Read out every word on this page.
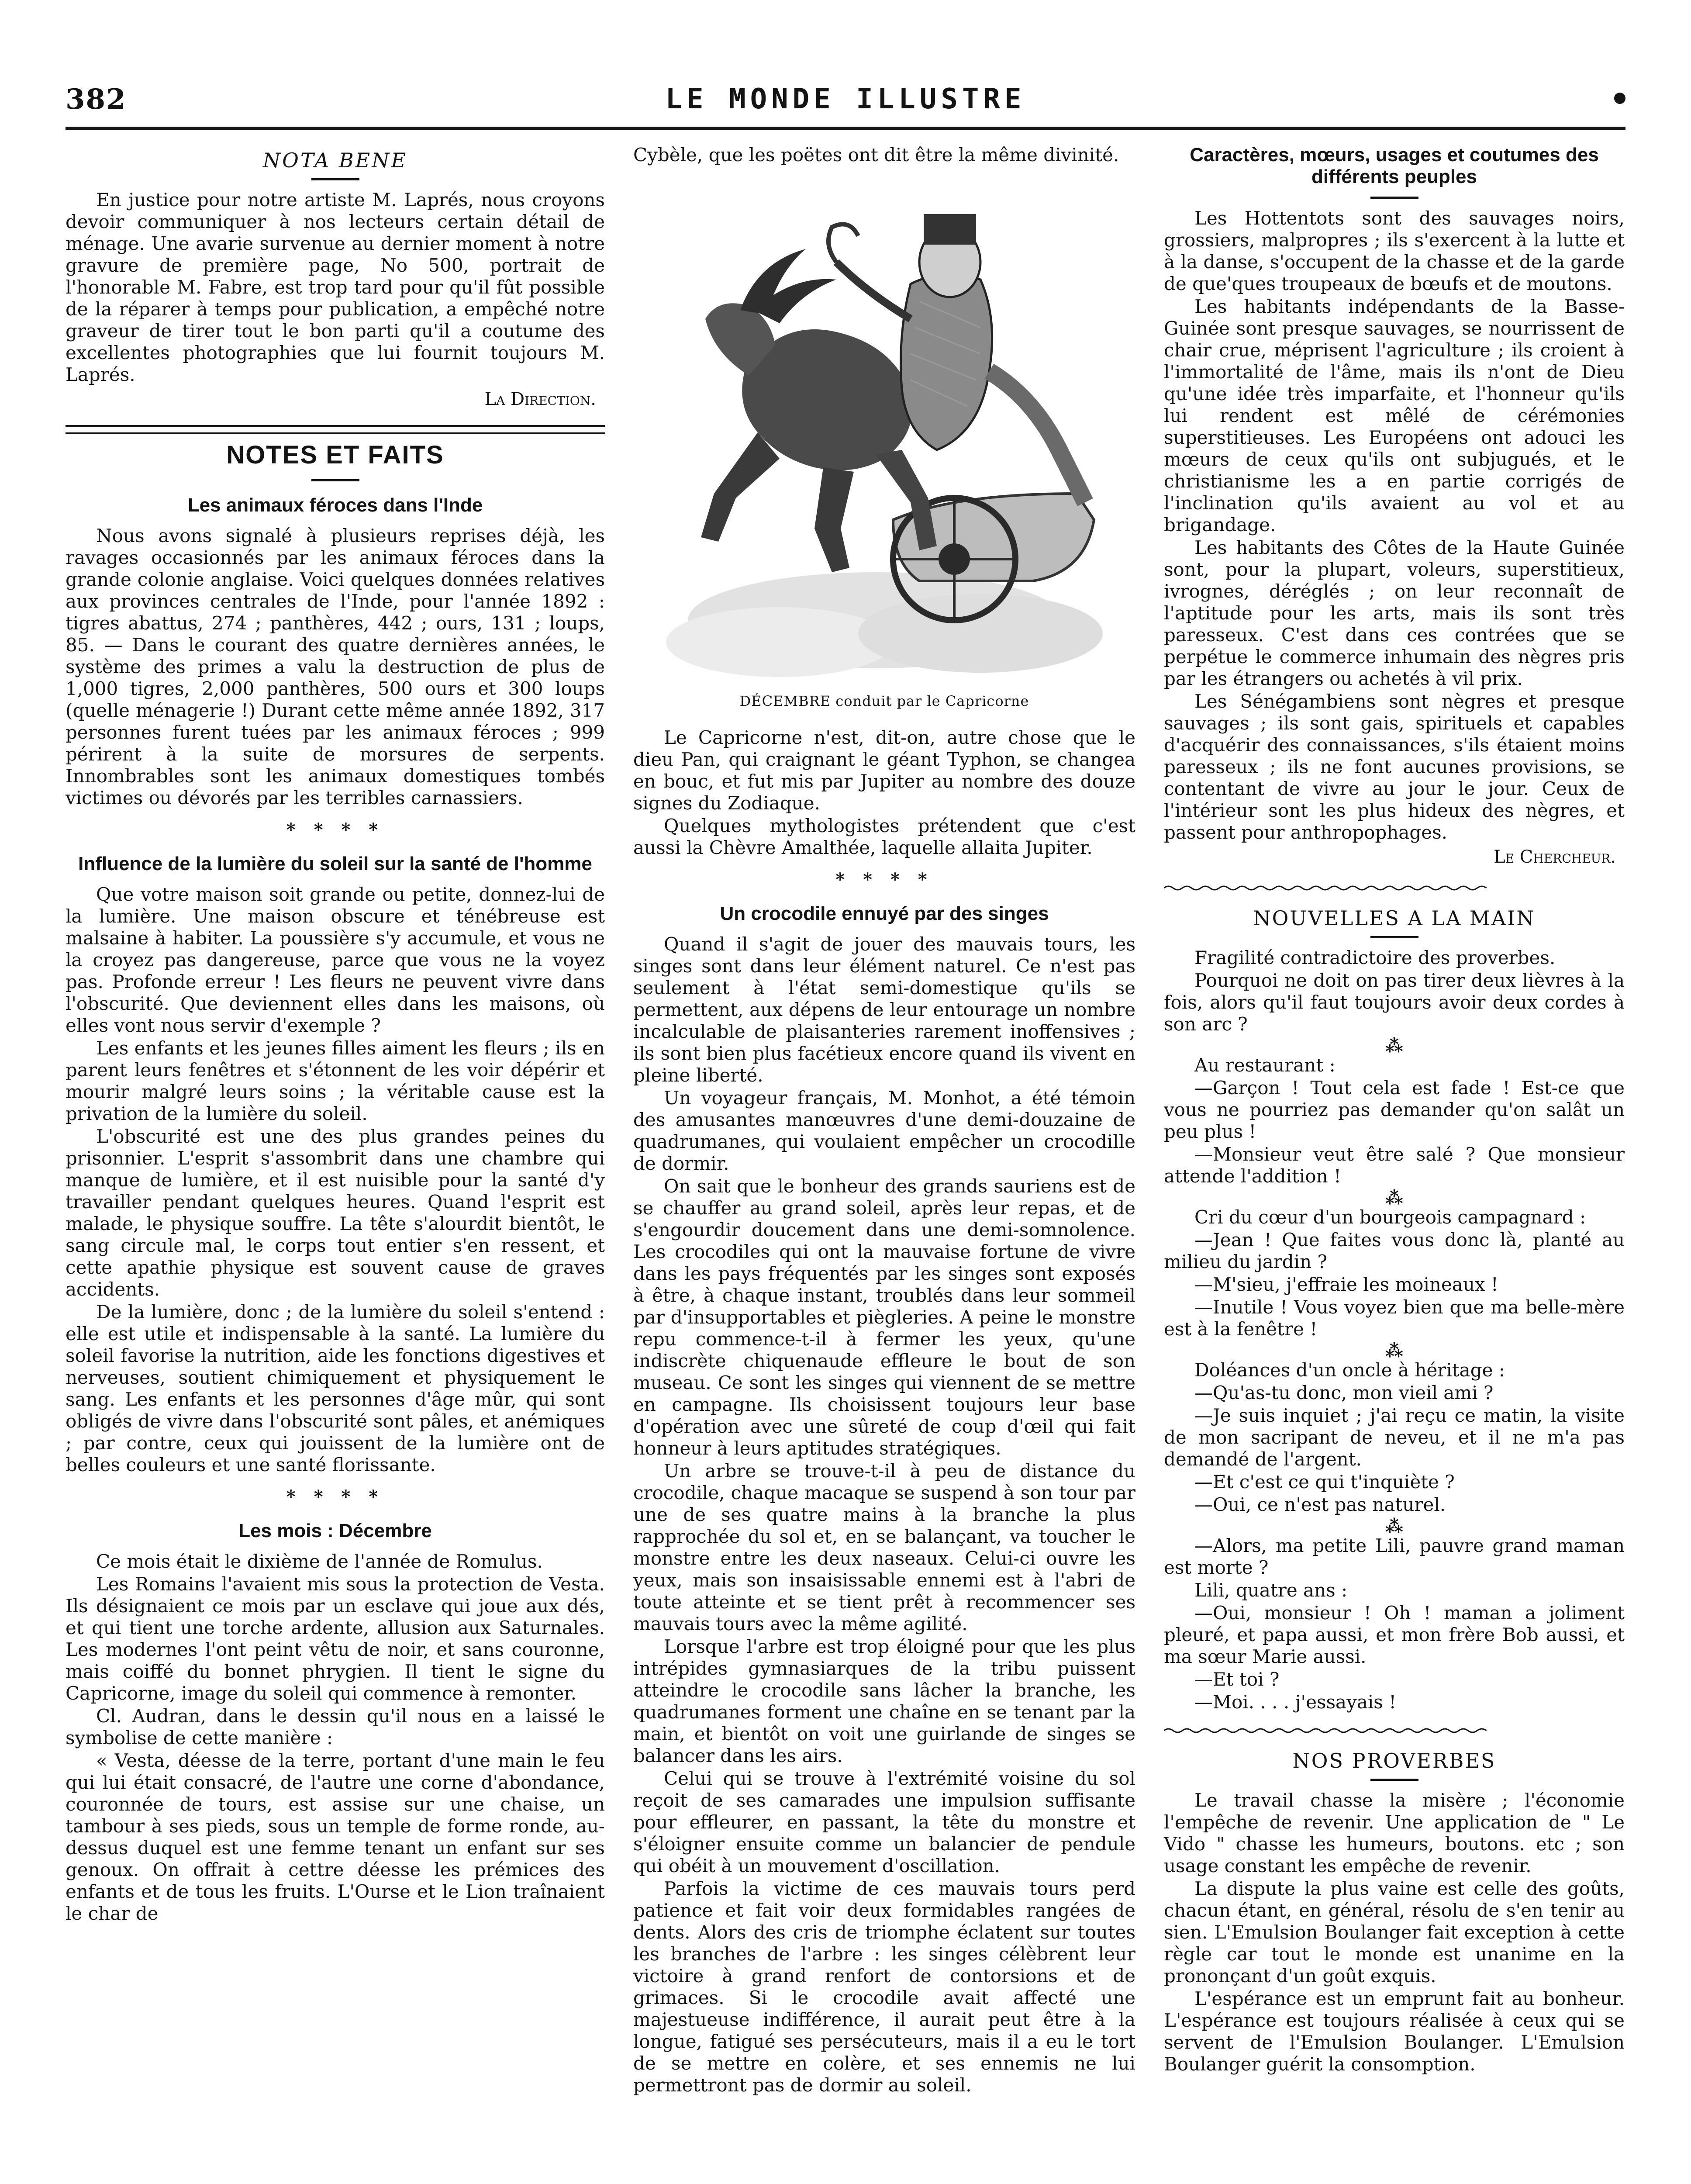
382	LE MONDE ILLUSTRE
NOTA BENE

En justice pour notre artiste M. Laprés, nous croyons devoir communiquer à nos lecteurs certain détail de ménage. Une avarie survenue au dernier moment à notre gravure de première page, No 500, portrait de l'honorable M. Fabre, est trop tard pour qu'il fût possible de la réparer à temps pour publication, a empêché notre graveur de tirer tout le bon parti qu'il a coutume des excellentes photographies que lui fournit toujours M. Laprés.

La Direction.
NOTES ET FAITS
Les animaux féroces dans l'Inde

Nous avons signalé à plusieurs reprises déjà, les ravages occasionnés par les animaux féroces dans la grande colonie anglaise. Voici quelques données relatives aux provinces centrales de l'Inde, pour l'année 1892 : tigres abattus, 274 ; panthères, 442 ; ours, 131 ; loups, 85. — Dans le courant des quatre dernières années, le système des primes a valu la destruction de plus de 1,000 tigres, 2,000 panthères, 500 ours et 300 loups (quelle ménagerie !) Durant cette même année 1892, 317 personnes furent tuées par les animaux féroces ; 999 périrent à la suite de morsures de serpents. Innombrables sont les animaux domestiques tombés victimes ou dévorés par les terribles carnassiers.

* * * *
Influence de la lumière du soleil sur la santé de l'homme

Que votre maison soit grande ou petite, donnez-lui de la lumière. Une maison obscure et ténébreuse est malsaine à habiter. La poussière s'y accumule, et vous ne la croyez pas dangereuse, parce que vous ne la voyez pas. Profonde erreur ! Les fleurs ne peuvent vivre dans l'obscurité. Que deviennent elles dans les maisons, où elles vont nous servir d'exemple ?

Les enfants et les jeunes filles aiment les fleurs ; ils en parent leurs fenêtres et s'étonnent de les voir dépérir et mourir malgré leurs soins ; la véritable cause est la privation de la lumière du soleil.

L'obscurité est une des plus grandes peines du prisonnier. L'esprit s'assombrit dans une chambre qui manque de lumière, et il est nuisible pour la santé d'y travailler pendant quelques heures. Quand l'esprit est malade, le physique souffre. La tête s'alourdit bientôt, le sang circule mal, le corps tout entier s'en ressent, et cette apathie physique est souvent cause de graves accidents.

De la lumière, donc ; de la lumière du soleil s'entend : elle est utile et indispensable à la santé. La lumière du soleil favorise la nutrition, aide les fonctions digestives et nerveuses, soutient chimiquement et physiquement le sang. Les enfants et les personnes d'âge mûr, qui sont obligés de vivre dans l'obscurité sont pâles, et anémiques ; par contre, ceux qui jouissent de la lumière ont de belles couleurs et une santé florissante.

* * * *
Les mois : Décembre

Ce mois était le dixième de l'année de Romulus.

Les Romains l'avaient mis sous la protection de Vesta. Ils désignaient ce mois par un esclave qui joue aux dés, et qui tient une torche ardente, allusion aux Saturnales. Les modernes l'ont peint vêtu de noir, et sans couronne, mais coiffé du bonnet phrygien. Il tient le signe du Capricorne, image du soleil qui commence à remonter.

Cl. Audran, dans le dessin qu'il nous en a laissé le symbolise de cette manière :

« Vesta, déesse de la terre, portant d'une main le feu qui lui était consacré, de l'autre une corne d'abondance, couronnée de tours, est assise sur une chaise, un tambour à ses pieds, sous un temple de forme ronde, au-dessus duquel est une femme tenant un enfant sur ses genoux. On offrait à cettre déesse les prémices des enfants et de tous les fruits. L'Ourse et le Lion traînaient le char de

Cybèle, que les poëtes ont dit être la même divinité.

DÉCEMBRE conduit par le Capricorne

Le Capricorne n'est, dit-on, autre chose que le dieu Pan, qui craignant le géant Typhon, se changea en bouc, et fut mis par Jupiter au nombre des douze signes du Zodiaque.

Quelques mythologistes prétendent que c'est aussi la Chèvre Amalthée, laquelle allaita Jupiter.

* * * *
Un crocodile ennuyé par des singes

Quand il s'agit de jouer des mauvais tours, les singes sont dans leur élément naturel. Ce n'est pas seulement à l'état semi-domestique qu'ils se permettent, aux dépens de leur entourage un nombre incalculable de plaisanteries rarement inoffensives ; ils sont bien plus facétieux encore quand ils vivent en pleine liberté.

Un voyageur français, M. Monhot, a été témoin des amusantes manœuvres d'une demi-douzaine de quadrumanes, qui voulaient empêcher un crocodille de dormir.

On sait que le bonheur des grands sauriens est de se chauffer au grand soleil, après leur repas, et de s'engourdir doucement dans une demi-somnolence. Les crocodiles qui ont la mauvaise fortune de vivre dans les pays fréquentés par les singes sont exposés à être, à chaque instant, troublés dans leur sommeil par d'insupportables et piègleries. A peine le monstre repu commence-t-il à fermer les yeux, qu'une indiscrète chiquenaude effleure le bout de son museau. Ce sont les singes qui viennent de se mettre en campagne. Ils choisissent toujours leur base d'opération avec une sûreté de coup d'œil qui fait honneur à leurs aptitudes stratégiques.

Un arbre se trouve-t-il à peu de distance du crocodile, chaque macaque se suspend à son tour par une de ses quatre mains à la branche la plus rapprochée du sol et, en se balançant, va toucher le monstre entre les deux naseaux. Celui-ci ouvre les yeux, mais son insaisissable ennemi est à l'abri de toute atteinte et se tient prêt à recommencer ses mauvais tours avec la même agilité.

Lorsque l'arbre est trop éloigné pour que les plus intrépides gymnasiarques de la tribu puissent atteindre le crocodile sans lâcher la branche, les quadrumanes forment une chaîne en se tenant par la main, et bientôt on voit une guirlande de singes se balancer dans les airs.

Celui qui se trouve à l'extrémité voisine du sol reçoit de ses camarades une impulsion suffisante pour effleurer, en passant, la tête du monstre et s'éloigner ensuite comme un balancier de pendule qui obéit à un mouvement d'oscillation.

Parfois la victime de ces mauvais tours perd patience et fait voir deux formidables rangées de dents. Alors des cris de triomphe éclatent sur toutes les branches de l'arbre : les singes célèbrent leur victoire à grand renfort de contorsions et de grimaces. Si le crocodile avait affecté une majestueuse indifférence, il aurait peut être à la longue, fatigué ses persécuteurs, mais il a eu le tort de se mettre en colère, et ses ennemis ne lui permettront pas de dormir au soleil.

Caractères, mœurs, usages et coutumes des différents peuples

Les Hottentots sont des sauvages noirs, grossiers, malpropres ; ils s'exercent à la lutte et à la danse, s'occupent de la chasse et de la garde de que'ques troupeaux de bœufs et de moutons.

Les habitants indépendants de la Basse-Guinée sont presque sauvages, se nourrissent de chair crue, méprisent l'agriculture ; ils croient à l'immortalité de l'âme, mais ils n'ont de Dieu qu'une idée très imparfaite, et l'honneur qu'ils lui rendent est mêlé de cérémonies superstitieuses. Les Européens ont adouci les mœurs de ceux qu'ils ont subjugués, et le christianisme les a en partie corrigés de l'inclination qu'ils avaient au vol et au brigandage.

Les habitants des Côtes de la Haute Guinée sont, pour la plupart, voleurs, superstitieux, ivrognes, déréglés ; on leur reconnaît de l'aptitude pour les arts, mais ils sont très paresseux. C'est dans ces contrées que se perpétue le commerce inhumain des nègres pris par les étrangers ou achetés à vil prix.

Les Sénégambiens sont nègres et presque sauvages ; ils sont gais, spirituels et capables d'acquérir des connaissances, s'ils étaient moins paresseux ; ils ne font aucunes provisions, se contentant de vivre au jour le jour. Ceux de l'intérieur sont les plus hideux des nègres, et passent pour anthropophages.

Le Chercheur.
NOUVELLES A LA MAIN

Fragilité contradictoire des proverbes.

Pourquoi ne doit on pas tirer deux lièvres à la fois, alors qu'il faut toujours avoir deux cordes à son arc ?

⁂

Au restaurant :

—Garçon ! Tout cela est fade ! Est-ce que vous ne pourriez pas demander qu'on salât un peu plus !

—Monsieur veut être salé ? Que monsieur attende l'addition !

⁂

Cri du cœur d'un bourgeois campagnard :

—Jean ! Que faites vous donc là, planté au milieu du jardin ?

—M'sieu, j'effraie les moineaux !

—Inutile ! Vous voyez bien que ma belle-mère est à la fenêtre !

⁂

Doléances d'un oncle à héritage :

—Qu'as-tu donc, mon vieil ami ?

—Je suis inquiet ; j'ai reçu ce matin, la visite de mon sacripant de neveu, et il ne m'a pas demandé de l'argent.

—Et c'est ce qui t'inquiète ?

—Oui, ce n'est pas naturel.

⁂

—Alors, ma petite Lili, pauvre grand maman est morte ?

Lili, quatre ans :

—Oui, monsieur ! Oh ! maman a joliment pleuré, et papa aussi, et mon frère Bob aussi, et ma sœur Marie aussi.

—Et toi ?

—Moi. . . . j'essayais !

NOS PROVERBES

Le travail chasse la misère ; l'économie l'empêche de revenir. Une application de " Le Vido " chasse les humeurs, boutons. etc ; son usage constant les empêche de revenir.

La dispute la plus vaine est celle des goûts, chacun étant, en général, résolu de s'en tenir au sien. L'Emulsion Boulanger fait exception à cette règle car tout le monde est unanime en la prononçant d'un goût exquis.

L'espérance est un emprunt fait au bonheur. L'espérance est toujours réalisée à ceux qui se servent de l'Emulsion Boulanger. L'Emulsion Boulanger guérit la consomption.
